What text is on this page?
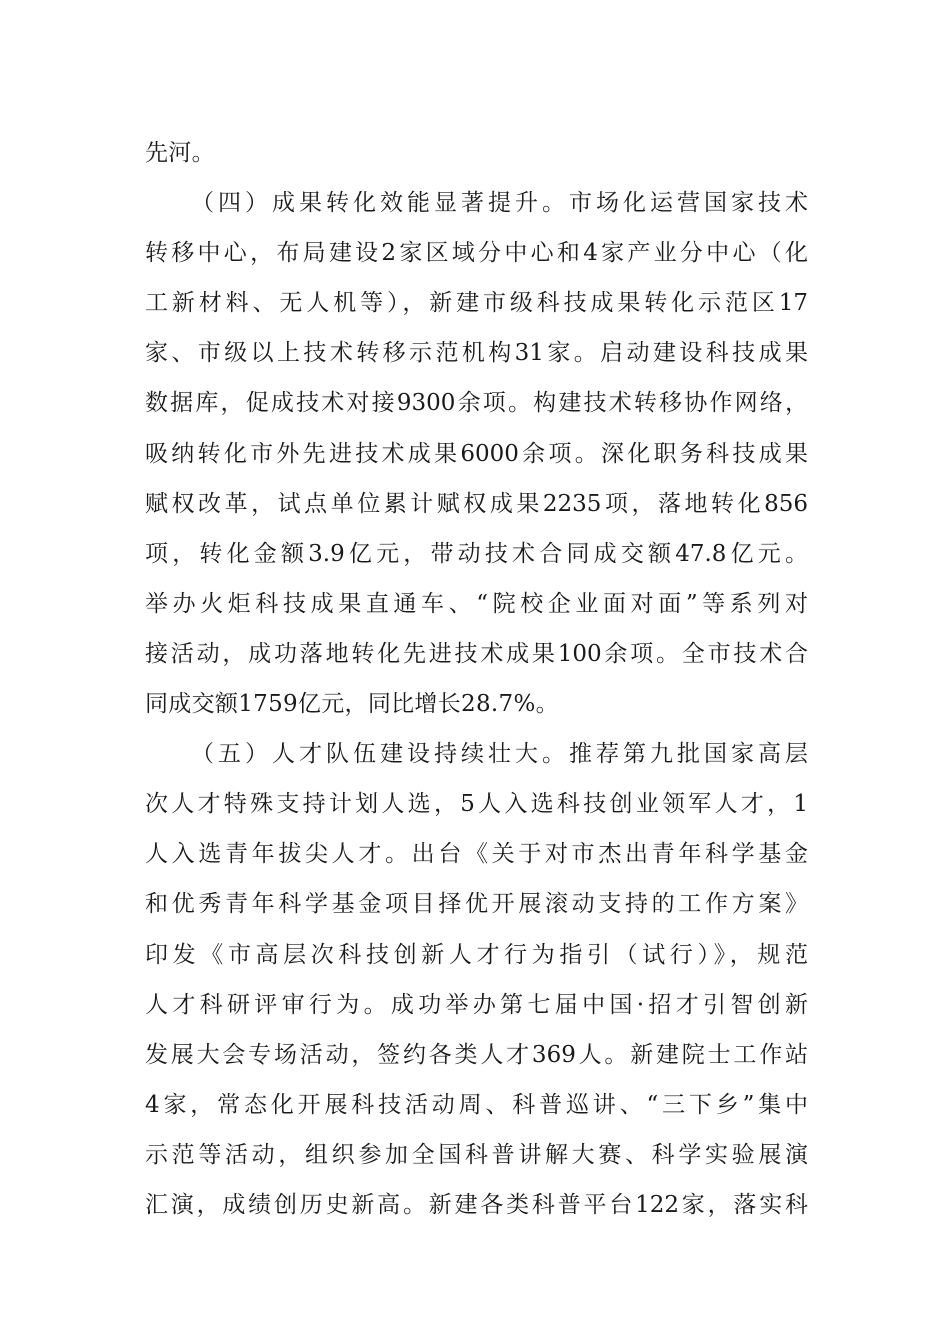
先河。
（四）成果转化效能显著提升。市场化运营国家技术
转移中心，布局建设2家区域分中心和4家产业分中心（化
工新材料、无人机等），新建市级科技成果转化示范区17
家、市级以上技术转移示范机构31家。启动建设科技成果
数据库，促成技术对接9300余项。构建技术转移协作网络，
吸纳转化市外先进技术成果6000余项。深化职务科技成果
赋权改革，试点单位累计赋权成果2235项，落地转化856
项，转化金额3.9亿元，带动技术合同成交额47.8亿元。
举办火炬科技成果直通车、“院校企业面对面”等系列对
接活动，成功落地转化先进技术成果100余项。全市技术合
同成交额1759亿元，同比增长28.7%。
（五）人才队伍建设持续壮大。推荐第九批国家高层
次人才特殊支持计划人选，5人入选科技创业领军人才，1
人入选青年拔尖人才。出台《关于对市杰出青年科学基金
和优秀青年科学基金项目择优开展滚动支持的工作方案》
印发《市高层次科技创新人才行为指引（试行）》，规范
人才科研评审行为。成功举办第七届中国·招才引智创新
发展大会专场活动，签约各类人才369人。新建院士工作站
4家，常态化开展科技活动周、科普巡讲、“三下乡”集中
示范等活动，组织参加全国科普讲解大赛、科学实验展演
汇演，成绩创历史新高。新建各类科普平台122家，落实科
